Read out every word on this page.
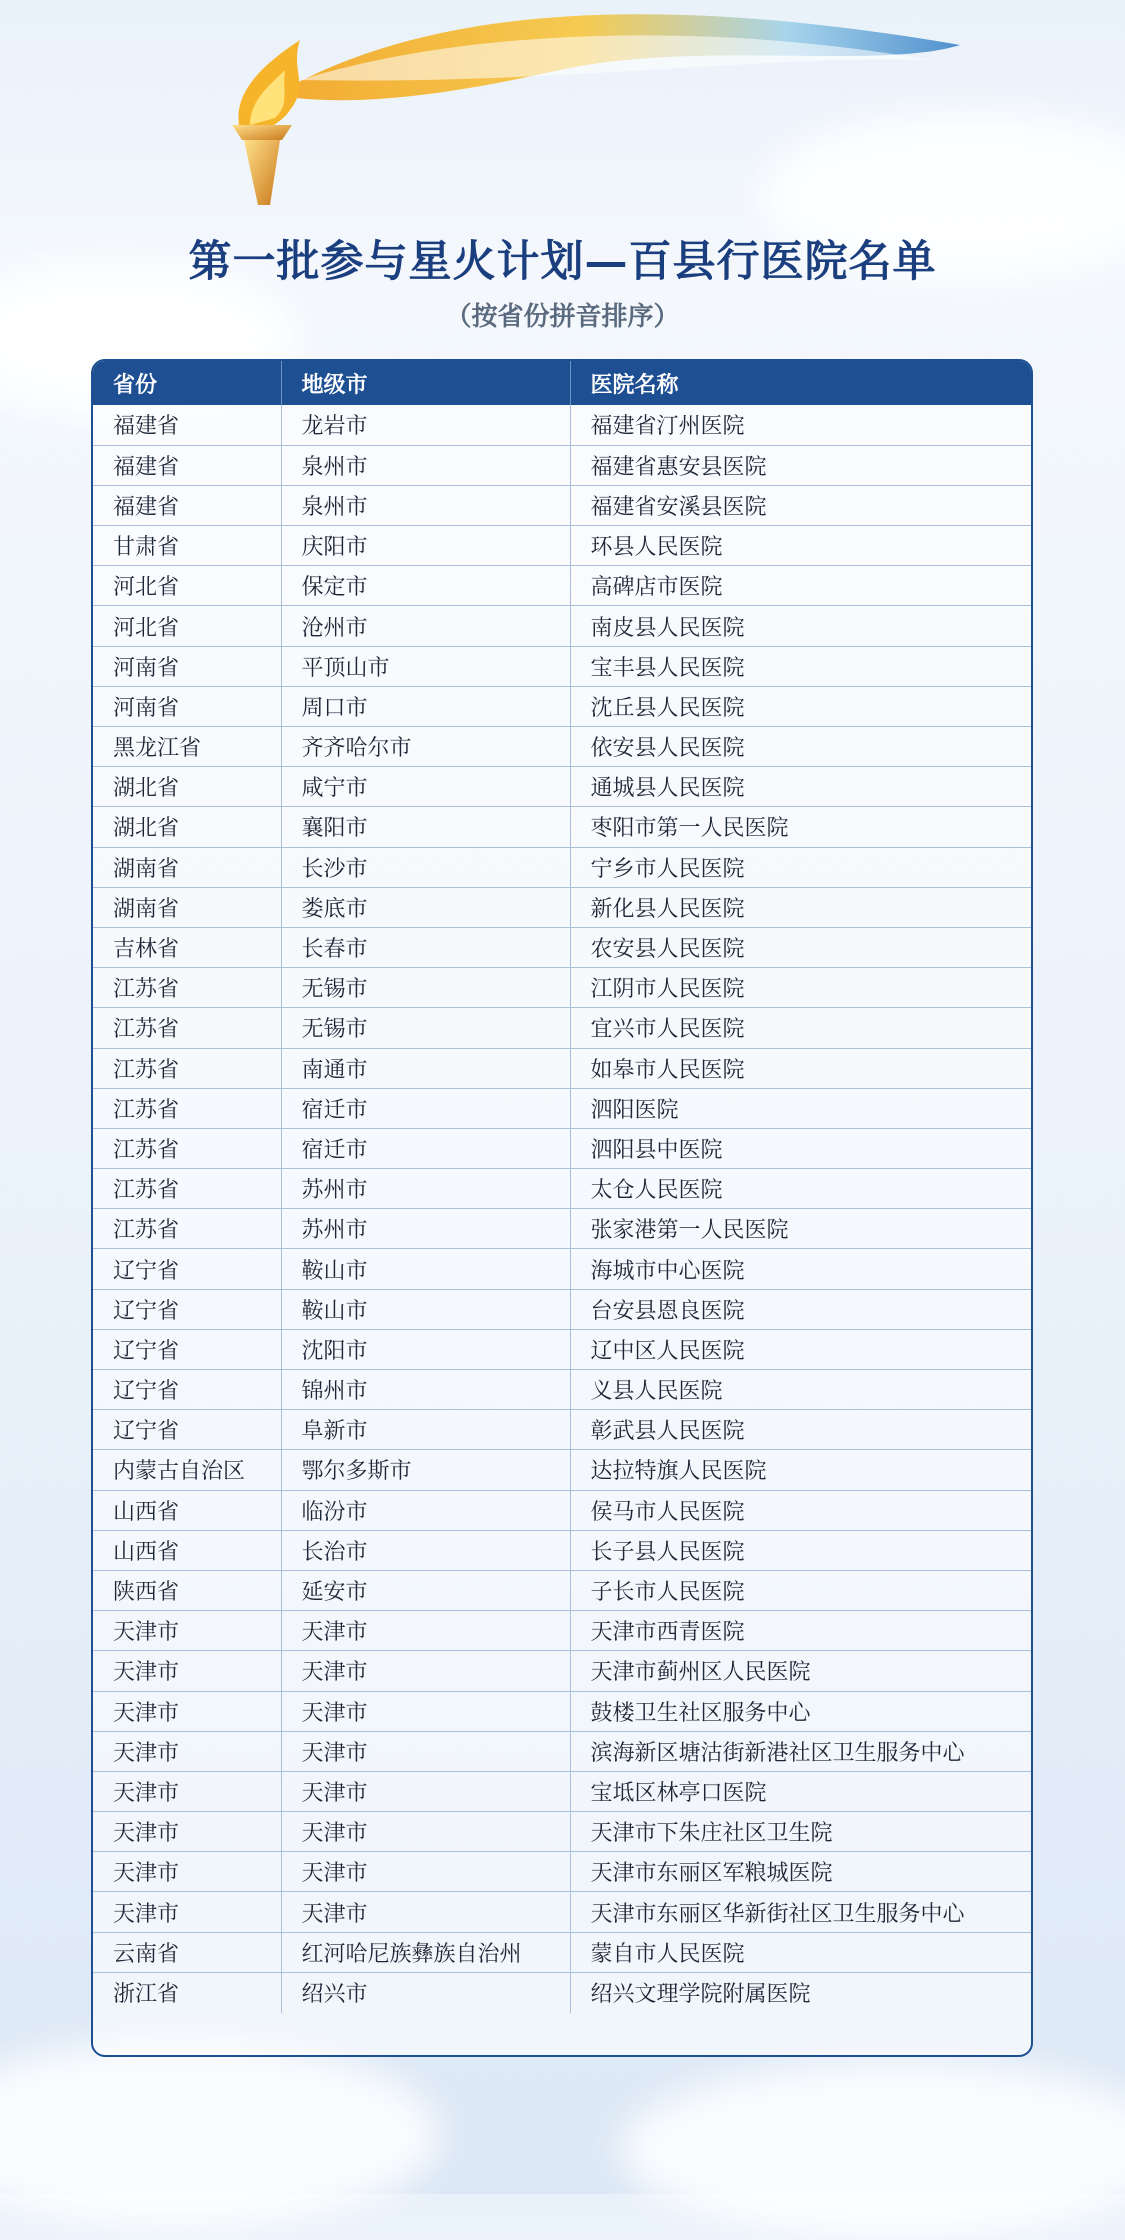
第一批参与星火计划—百县行医院名单
（按省份拼音排序）
省份	地级市	医院名称
福建省	龙岩市	福建省汀州医院
福建省	泉州市	福建省惠安县医院
福建省	泉州市	福建省安溪县医院
甘肃省	庆阳市	环县人民医院
河北省	保定市	高碑店市医院
河北省	沧州市	南皮县人民医院
河南省	平顶山市	宝丰县人民医院
河南省	周口市	沈丘县人民医院
黑龙江省	齐齐哈尔市	依安县人民医院
湖北省	咸宁市	通城县人民医院
湖北省	襄阳市	枣阳市第一人民医院
湖南省	长沙市	宁乡市人民医院
湖南省	娄底市	新化县人民医院
吉林省	长春市	农安县人民医院
江苏省	无锡市	江阴市人民医院
江苏省	无锡市	宜兴市人民医院
江苏省	南通市	如皋市人民医院
江苏省	宿迁市	泗阳医院
江苏省	宿迁市	泗阳县中医院
江苏省	苏州市	太仓人民医院
江苏省	苏州市	张家港第一人民医院
辽宁省	鞍山市	海城市中心医院
辽宁省	鞍山市	台安县恩良医院
辽宁省	沈阳市	辽中区人民医院
辽宁省	锦州市	义县人民医院
辽宁省	阜新市	彰武县人民医院
内蒙古自治区	鄂尔多斯市	达拉特旗人民医院
山西省	临汾市	侯马市人民医院
山西省	长治市	长子县人民医院
陕西省	延安市	子长市人民医院
天津市	天津市	天津市西青医院
天津市	天津市	天津市蓟州区人民医院
天津市	天津市	鼓楼卫生社区服务中心
天津市	天津市	滨海新区塘沽街新港社区卫生服务中心
天津市	天津市	宝坻区林亭口医院
天津市	天津市	天津市下朱庄社区卫生院
天津市	天津市	天津市东丽区军粮城医院
天津市	天津市	天津市东丽区华新街社区卫生服务中心
云南省	红河哈尼族彝族自治州	蒙自市人民医院
浙江省	绍兴市	绍兴文理学院附属医院
